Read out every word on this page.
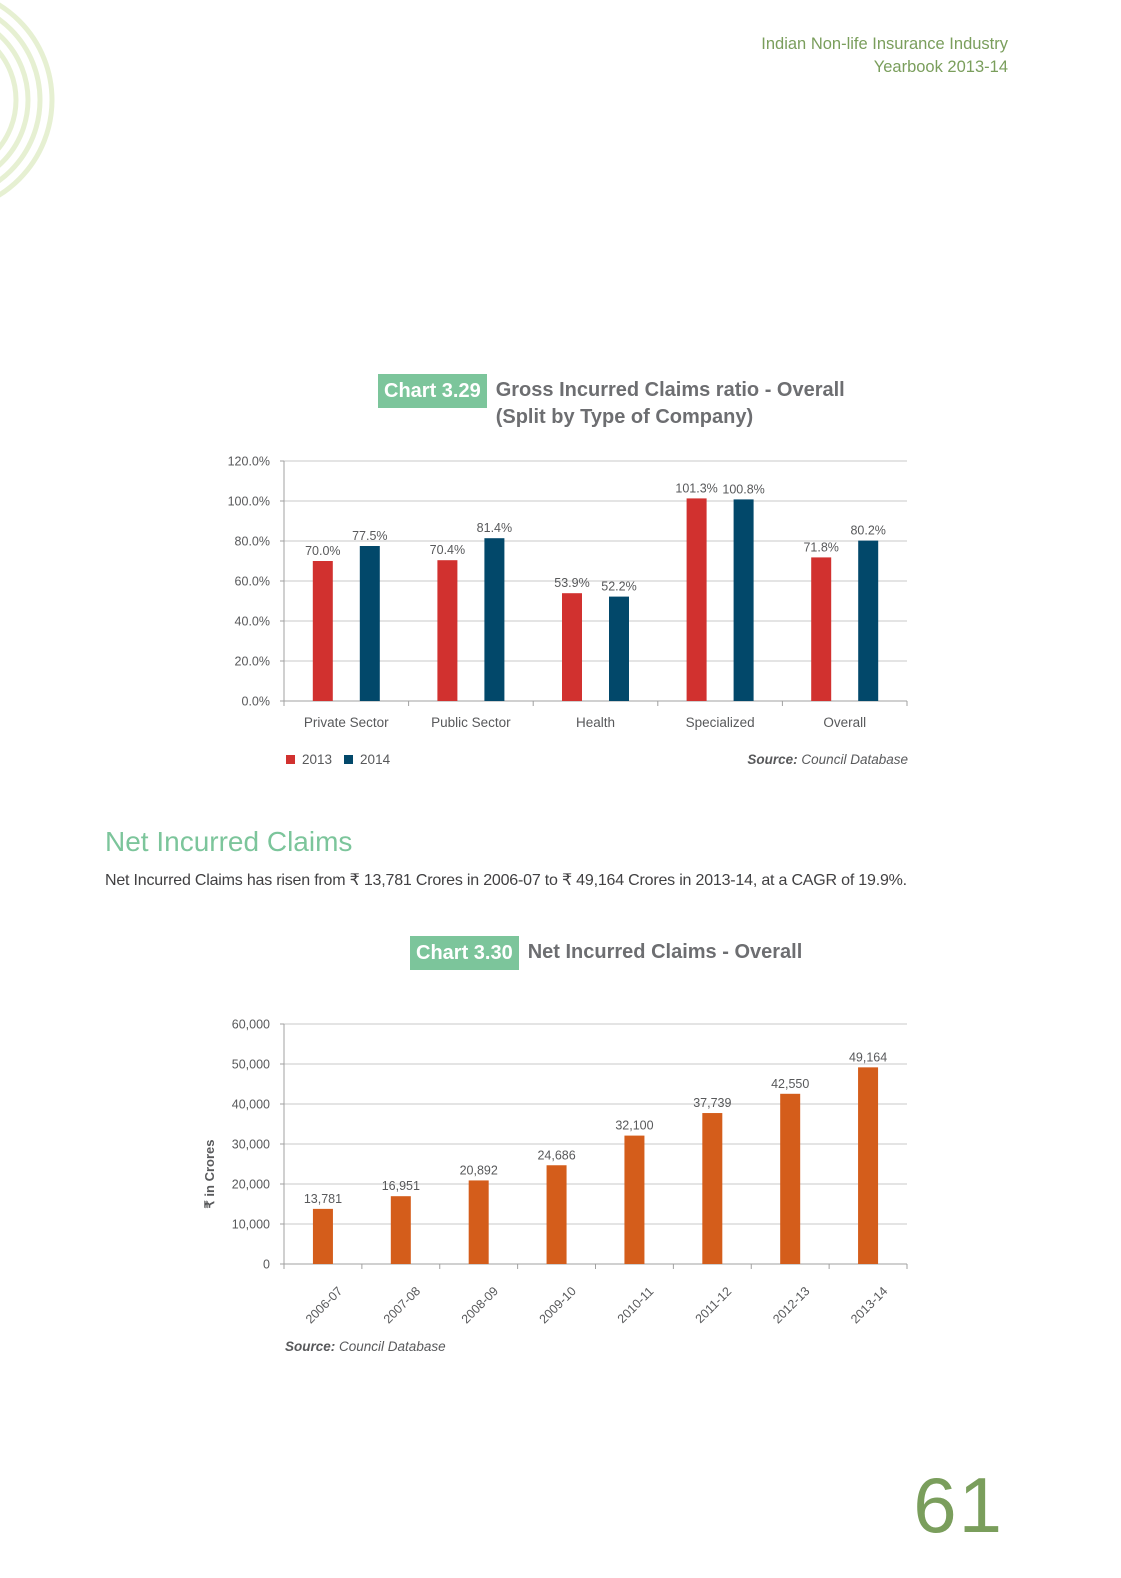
Indian Non-life Insurance Industry
Yearbook 2013-14
Chart 3.29 Gross Incurred Claims ratio - Overall
(Split by Type of Company)
0.0%
20.0%
40.0%
60.0%
80.0%
100.0%
120.0%
70.0%
77.5%
Private Sector
70.4%
81.4%
Public Sector
53.9% 52.2%
Health
101.3% 100.8%
Specialized
71.8%
80.2%
Overall
2013 2014	Source: Council Database
Net Incurred Claims
Net Incurred Claims has risen from ₹ 13,781 Crores in 2006-07 to ₹ 49,164 Crores in 2013-14, at a CAGR of 19.9%.
Chart 3.30 Net Incurred Claims - Overall
0
10,000
20,000
30,000
40,000
50,000
60,000
13,781
2006-07
16,951
2007-08
20,892
2008-09
24,686
2009-10
32,100
2010-11
37,739
2011-12
42,550
2012-13
49,164
2013-14
₹ in Crores
Source: Council Database
61
